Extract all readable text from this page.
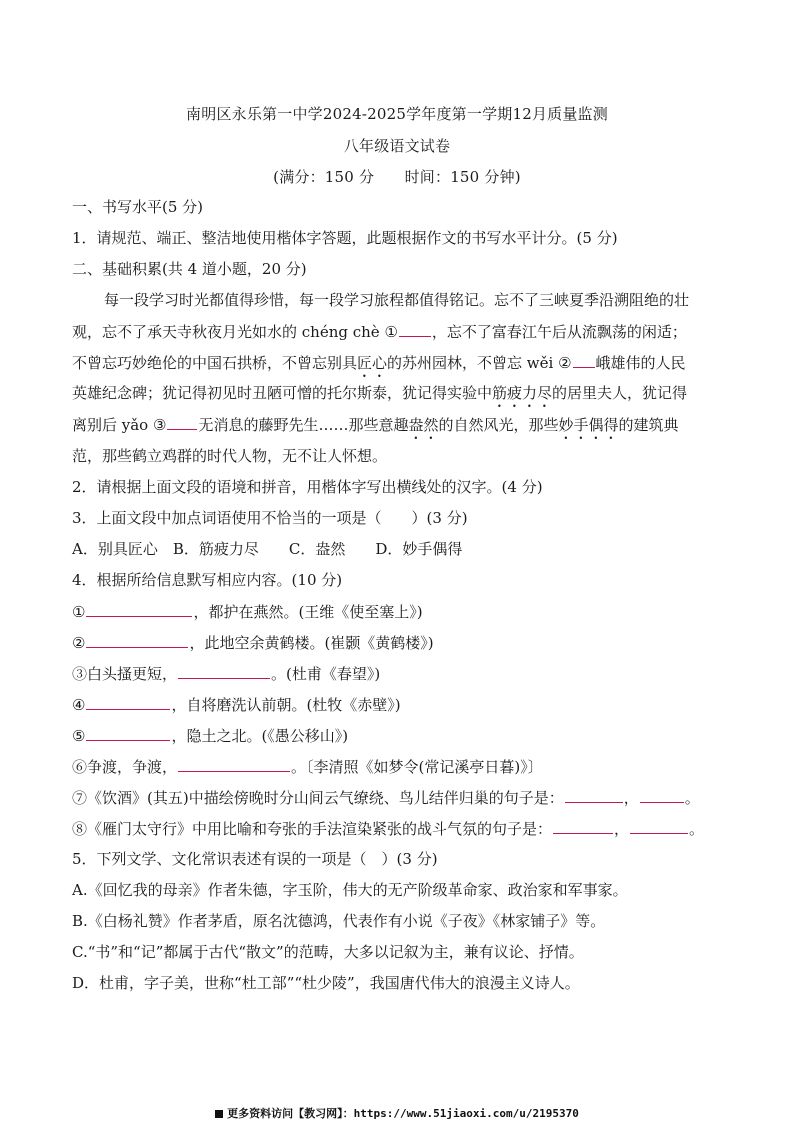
南明区永乐第一中学2024-2025学年度第一学期12月质量监测
八年级语文试卷
(满分：150 分　　时间：150 分钟)
一、书写水平(5 分)
1．请规范、端正、整洁地使用楷体字答题，此题根据作文的书写水平计分。(5 分)
二、基础积累(共 4 道小题，20 分)
每一段学习时光都值得珍惜，每一段学习旅程都值得铭记。忘不了三峡夏季沿溯阻绝的壮
观，忘不了承天寺秋夜月光如水的 chéng chè ① ，忘不了富春江午后从流飘荡的闲适；
不曾忘巧妙绝伦的中国石拱桥，不曾忘别具匠心的苏州园林，不曾忘 wěi ② 峨雄伟的人民
英雄纪念碑；犹记得初见时丑陋可憎的托尔斯泰，犹记得实验中筋疲力尽的居里夫人，犹记得
离别后 yǎo ③ 无消息的藤野先生……那些意趣盎然的自然风光，那些妙手偶得的建筑典
范，那些鹤立鸡群的时代人物，无不让人怀想。
2．请根据上面文段的语境和拼音，用楷体字写出横线处的汉字。(4 分)
3．上面文段中加点词语使用不恰当的一项是（　　）(3 分)
A．别具匠心　B．筋疲力尽　　C．盎然　　D．妙手偶得
4．根据所给信息默写相应内容。(10 分)
①	，都护在燕然。(王维《使至塞上》)
②	，此地空余黄鹤楼。(崔颢《黄鹤楼》)
③白头搔更短，	。(杜甫《春望》)
④	，自将磨洗认前朝。(杜牧《赤壁》)
⑤	，隐土之北。(《愚公移山》)
⑥争渡，争渡，	。〔李清照《如梦令(常记溪亭日暮)》〕
⑦《饮酒》(其五)中描绘傍晚时分山间云气缭绕、鸟儿结伴归巢的句子是：	，	。
⑧《雁门太守行》中用比喻和夸张的手法渲染紧张的战斗气氛的句子是：	，	。
5．下列文学、文化常识表述有误的一项是（　）(3 分)
A.《回忆我的母亲》作者朱德，字玉阶，伟大的无产阶级革命家、政治家和军事家。
B.《白杨礼赞》作者茅盾，原名沈德鸿，代表作有小说《子夜》《林家铺子》等。
C.“书”和“记”都属于古代“散文”的范畴，大多以记叙为主，兼有议论、抒情。
D．杜甫，字子美，世称“杜工部”“杜少陵”，我国唐代伟大的浪漫主义诗人。
更多资料访问【教习网】：https://www.51jiaoxi.com/u/2195370
